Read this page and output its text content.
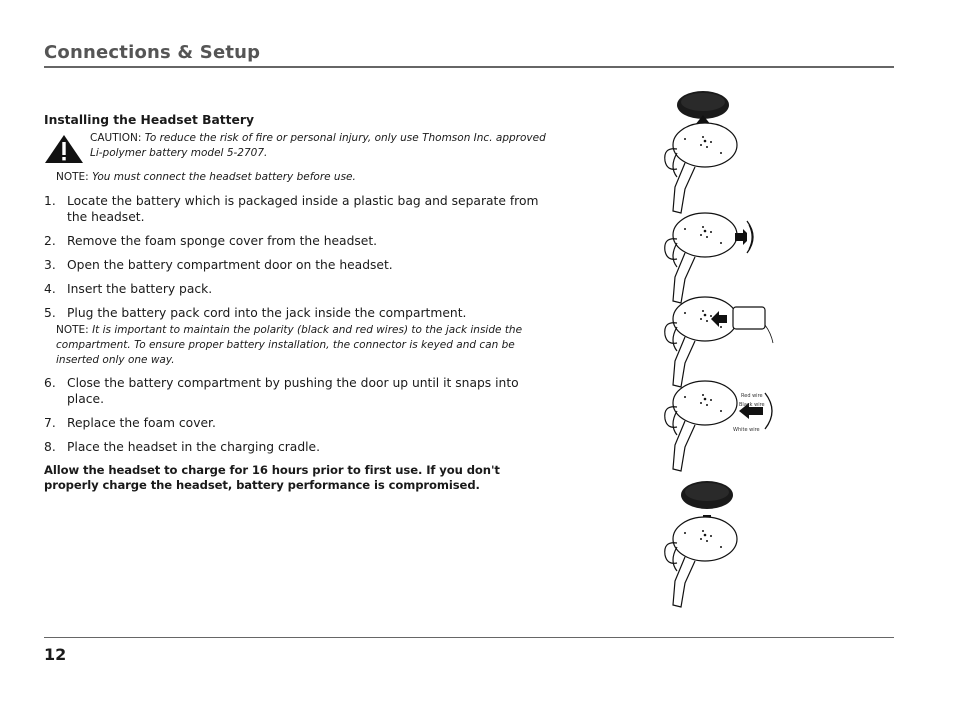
Connections & Setup
Installing the Headset Battery
CAUTION: To reduce the risk of fire or personal injury, only use Thomson Inc. approved Li-polymer battery model 5-2707.
NOTE: You must connect the headset battery before use.
1. Locate the battery which is packaged inside a plastic bag and separate from the headset.
2. Remove the foam sponge cover from the headset.
3. Open the battery compartment door on the headset.
4. Insert the battery pack.
5. Plug the battery pack cord into the jack inside the compartment.
NOTE: It is important to maintain the polarity (black and red wires) to the jack inside the compartment. To ensure proper battery installation, the connector is keyed and can be inserted only one way.
6. Close the battery compartment by pushing the door up until it snaps into place.
7. Replace the foam cover.
8. Place the headset in the charging cradle.
Allow the headset to charge for 16 hours prior to first use. If you don't properly charge the headset, battery performance is compromised.
Red wire
Black wire
White wire
12
